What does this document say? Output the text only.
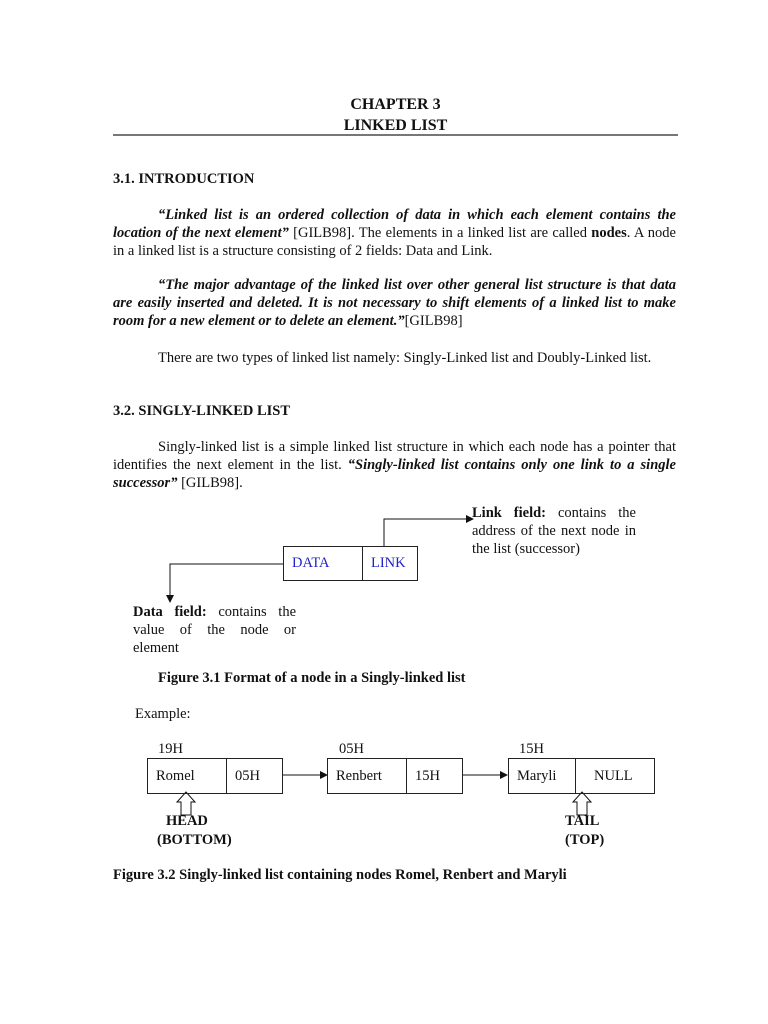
CHAPTER 3
LINKED LIST
3.1. INTRODUCTION
“Linked list is an ordered collection of data in which each element contains the location of the next element” [GILB98]. The elements in a linked list are called nodes. A node in a linked list is a structure consisting of 2 fields: Data and Link.
“The major advantage of the linked list over other general list structure is that data are easily inserted and deleted. It is not necessary to shift elements of a linked list to make room for a new element or to delete an element.”[GILB98]
There are two types of linked list namely: Singly-Linked list and Doubly-Linked list.
3.2. SINGLY-LINKED LIST
Singly-linked list is a simple linked list structure in which each node has a pointer that identifies the next element in the list. “Singly-linked list contains only one link to a single successor” [GILB98].
DATA	LINK
Link field: contains the address of the next node in the list (successor)
Data field: contains the value of the node or element
Figure 3.1 Format of a node in a Singly-linked list
Example:
19H
Romel	05H
05H
Renbert	15H
15H
Maryli	NULL
HEAD
(BOTTOM)
TAIL
(TOP)
Figure 3.2 Singly-linked list containing nodes Romel, Renbert and Maryli
